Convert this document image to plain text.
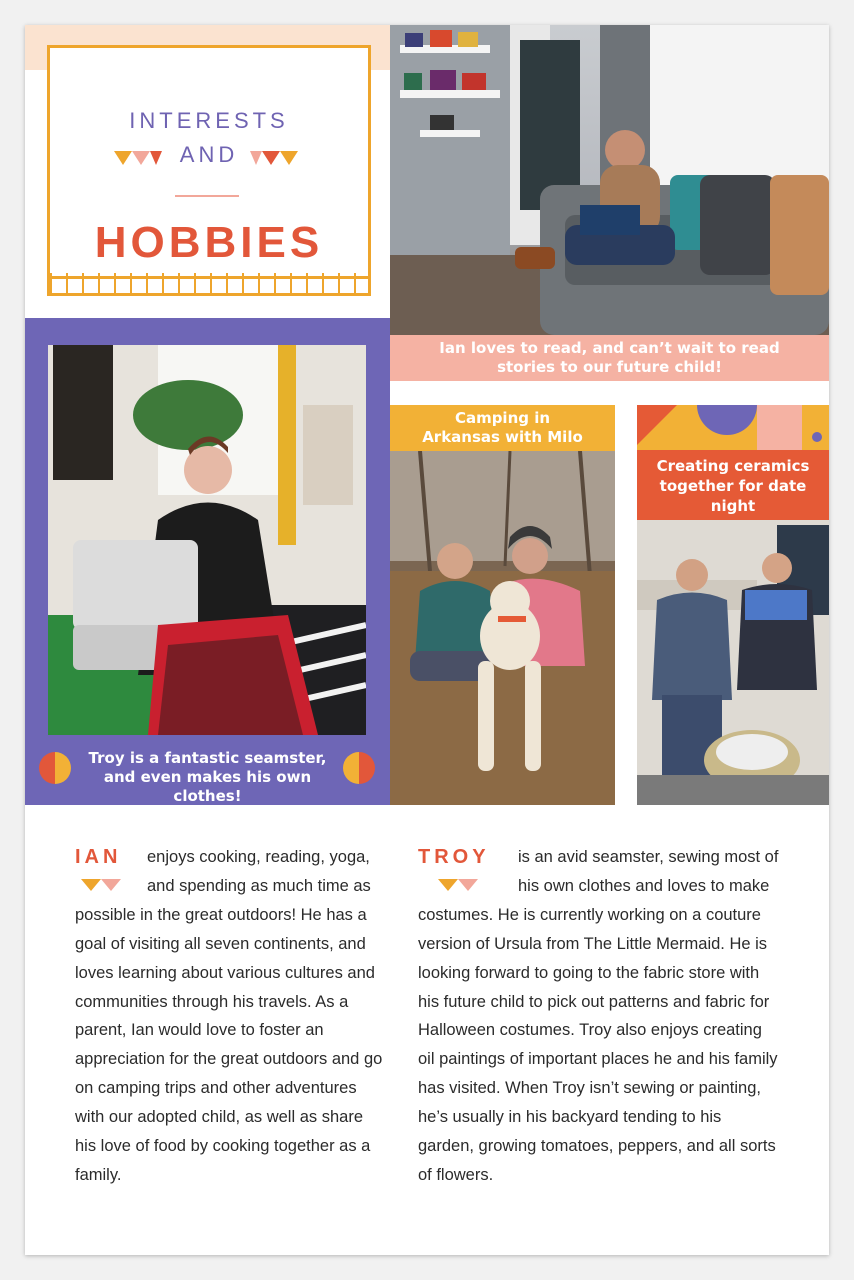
INTERESTS
AND
HOBBIES
Ian loves to read, and can’t wait to read stories to our future child!
Troy is a fantastic seamster, and even makes his own clothes!
Camping in Arkansas with Milo
Creating ceramics together for date night
IAN	enjoys cooking, reading, yoga, and spending as much time as possible in the great outdoors! He has a goal of visiting all seven continents, and loves learning about various cultures and communities through his travels. As a parent, Ian would love to foster an appreciation for the great outdoors and go on camping trips and other adventures with our adopted child, as well as share his love of food by cooking together as a family.
TROY	is an avid seamster, sewing most of his own clothes and loves to make costumes. He is currently working on a couture version of Ursula from The Little Mermaid. He is looking forward to going to the fabric store with his future child to pick out patterns and fabric for Halloween costumes. Troy also enjoys creating oil paintings of important places he and his family has visited. When Troy isn’t sewing or painting, he’s usually in his backyard tending to his garden, growing tomatoes, peppers, and all sorts of flowers.
